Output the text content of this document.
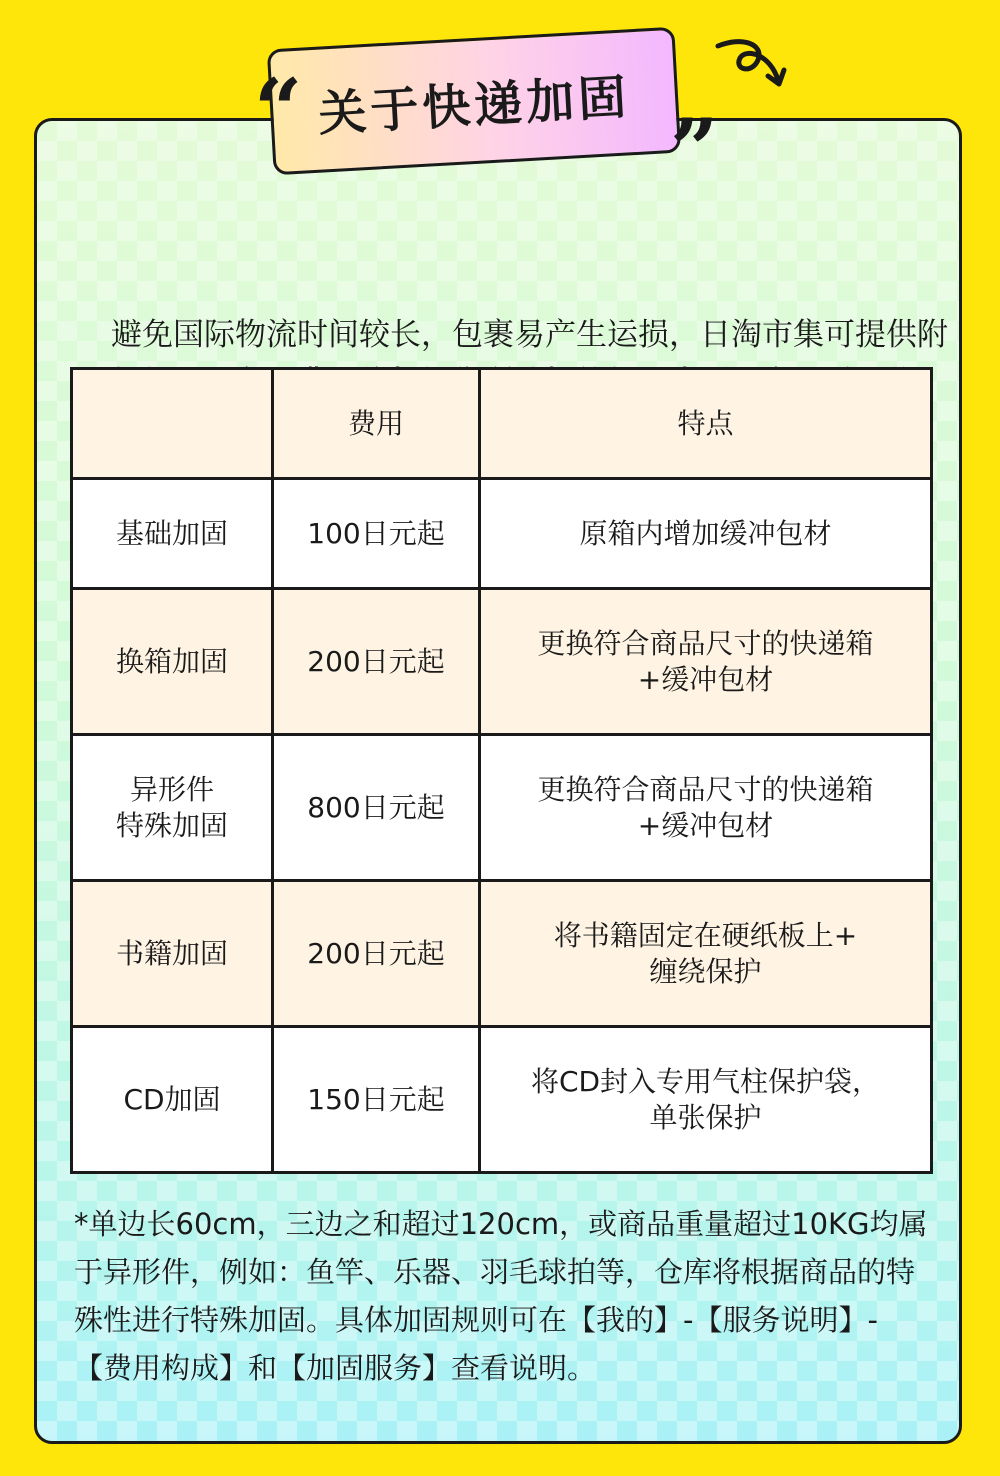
避免国际物流时间较长，包裹易产生运损，日淘市集可提供附加加固服务，费用将根据您所选择的加固类型及商品重量收取。

关于快递加固
“	”
	费用	特点
基础加固	100日元起	原箱内增加缓冲包材
换箱加固	200日元起	更换符合商品尺寸的快递箱
+缓冲包材
异形件
特殊加固	800日元起	更换符合商品尺寸的快递箱
+缓冲包材
书籍加固	200日元起	将书籍固定在硬纸板上+
缠绕保护
CD加固	150日元起	将CD封入专用气柱保护袋，
单张保护

*单边长60cm，三边之和超过120cm，或商品重量超过10KG均属于异形件，例如：鱼竿、乐器、羽毛球拍等，仓库将根据商品的特殊性进行特殊加固。具体加固规则可在【我的】-【服务说明】-【费用构成】和【加固服务】查看说明。
